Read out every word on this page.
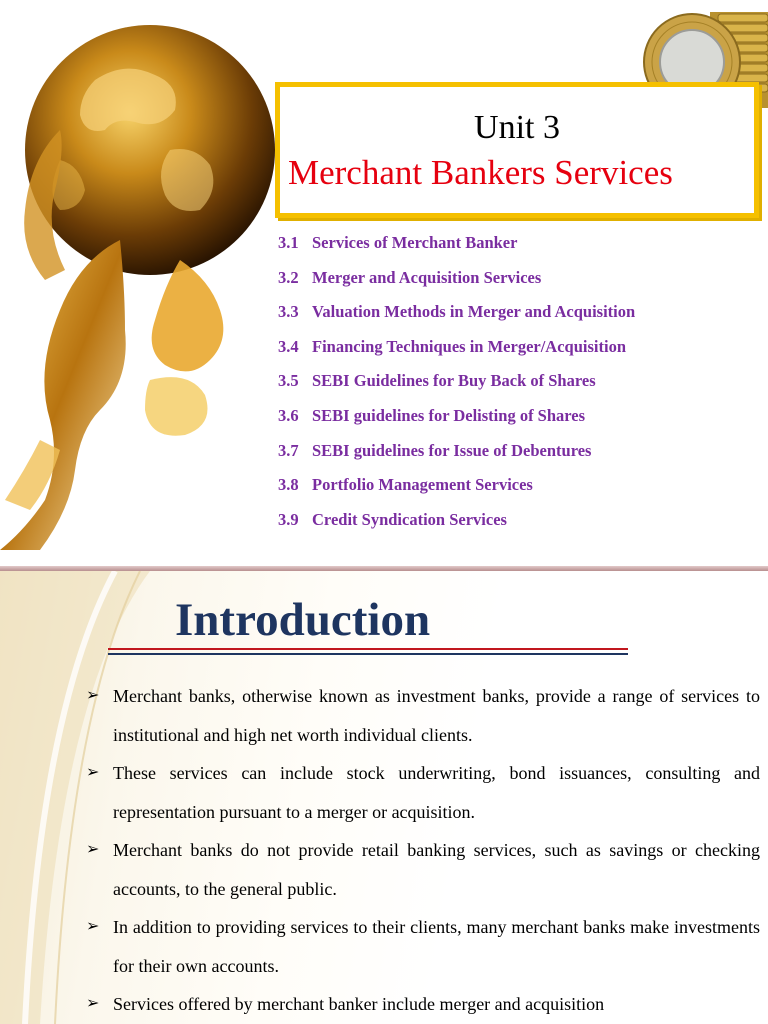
Unit 3
Merchant Bankers Services
3.1 Services of Merchant Banker
3.2 Merger and Acquisition Services
3.3 Valuation Methods in Merger and Acquisition
3.4 Financing Techniques in Merger/Acquisition
3.5 SEBI Guidelines for Buy Back of Shares
3.6 SEBI guidelines for Delisting of Shares
3.7 SEBI guidelines for Issue of Debentures
3.8 Portfolio Management Services
3.9 Credit Syndication Services
Introduction
➢ Merchant banks, otherwise known as investment banks, provide a range of services to institutional and high net worth individual clients.
➢ These services can include stock underwriting, bond issuances, consulting and representation pursuant to a merger or acquisition.
➢ Merchant banks do not provide retail banking services, such as savings or checking accounts, to the general public.
➢ In addition to providing services to their clients, many merchant banks make investments for their own accounts.
➢ Services offered by merchant banker include merger and acquisition
